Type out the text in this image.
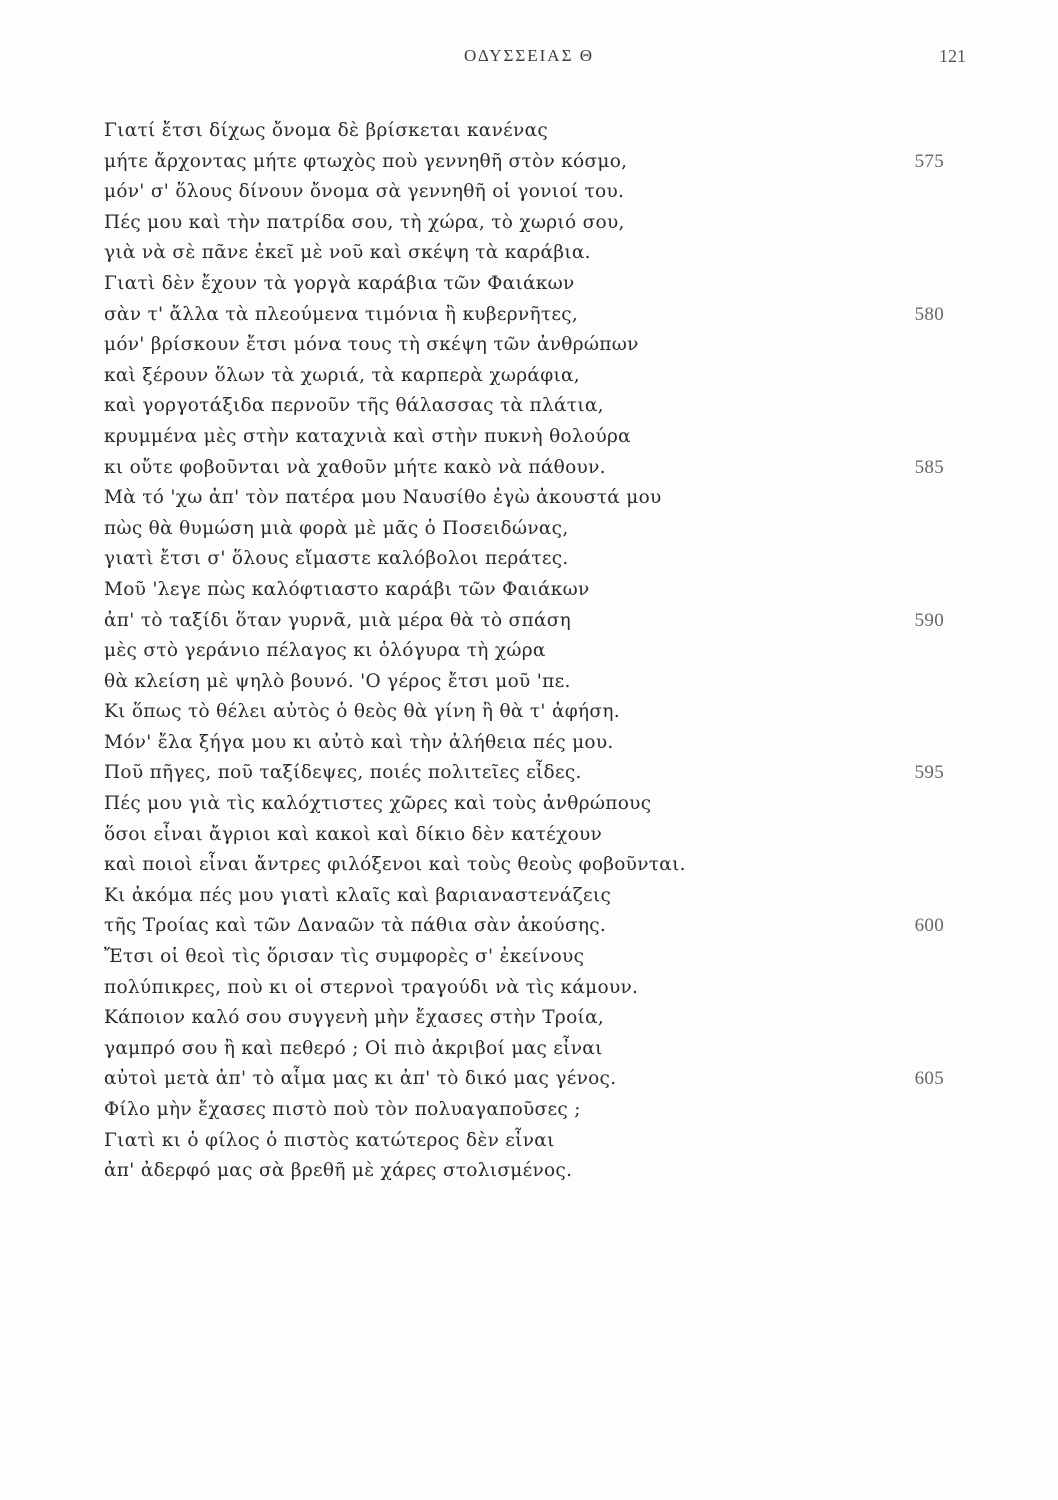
ΟΔΥΣΣΕΙΑΣ Θ	121
Γιατί ἔτσι δίχως ὄνομα δὲ βρίσκεται κανένας
μήτε ἄρχοντας μήτε φτωχὸς ποὺ γεννηθῆ στὸν κόσμο,	575
μόν' σ' ὅλους δίνουν ὄνομα σὰ γεννηθῆ οἱ γονιοί του.
Πές μου καὶ τὴν πατρίδα σου, τὴ χώρα, τὸ χωριό σου,
γιὰ νὰ σὲ πᾶνε ἐκεῖ μὲ νοῦ καὶ σκέψη τὰ καράβια.
Γιατὶ δὲν ἔχουν τὰ γοργὰ καράβια τῶν Φαιάκων
σὰν τ' ἄλλα τὰ πλεούμενα τιμόνια ἢ κυβερνῆτες,	580
μόν' βρίσκουν ἔτσι μόνα τους τὴ σκέψη τῶν ἀνθρώπων
καὶ ξέρουν ὅλων τὰ χωριά, τὰ καρπερὰ χωράφια,
καὶ γοργοτάξιδα περνοῦν τῆς θάλασσας τὰ πλάτια,
κρυμμένα μὲς στὴν καταχνιὰ καὶ στὴν πυκνὴ θολούρα
κι οὔτε φοβοῦνται νὰ χαθοῦν μήτε κακὸ νὰ πάθουν.	585
Μὰ τό 'χω ἀπ' τὸν πατέρα μου Ναυσίθο ἐγὼ ἀκουστά μου
πὼς θὰ θυμώση μιὰ φορὰ μὲ μᾶς ὁ Ποσειδώνας,
γιατὶ ἔτσι σ' ὅλους εἴμαστε καλόβολοι περάτες.
Μοῦ 'λεγε πὼς καλόφτιαστο καράβι τῶν Φαιάκων
ἀπ' τὸ ταξίδι ὅταν γυρνᾶ, μιὰ μέρα θὰ τὸ σπάση	590
μὲς στὸ γεράνιο πέλαγος κι ὁλόγυρα τὴ χώρα
θὰ κλείση μὲ ψηλὸ βουνό. 'Ο γέρος ἔτσι μοῦ 'πε.
Κι ὅπως τὸ θέλει αὐτὸς ὁ θεὸς θὰ γίνη ἢ θὰ τ' ἀφήση.
Μόν' ἔλα ξήγα μου κι αὐτὸ καὶ τὴν ἀλήθεια πές μου.
Ποῦ πῆγες, ποῦ ταξίδεψες, ποιές πολιτεῖες εἶδες.	595
Πές μου γιὰ τὶς καλόχτιστες χῶρες καὶ τοὺς ἀνθρώπους
ὅσοι εἶναι ἄγριοι καὶ κακοὶ καὶ δίκιο δὲν κατέχουν
καὶ ποιοὶ εἶναι ἄντρες φιλόξενοι καὶ τοὺς θεοὺς φοβοῦνται.
Κι ἀκόμα πές μου γιατὶ κλαῖς καὶ βαριαναστενάζεις
τῆς Τροίας καὶ τῶν Δαναῶν τὰ πάθια σὰν ἀκούσης.	600
Ἔτσι οἱ θεοὶ τὶς ὅρισαν τὶς συμφορὲς σ' ἐκείνους
πολύπικρες, ποὺ κι οἱ στερνοὶ τραγούδι νὰ τὶς κάμουν.
Κάποιον καλό σου συγγενὴ μὴν ἔχασες στὴν Τροία,
γαμπρό σου ἢ καὶ πεθερό ; Οἱ πιὸ ἀκριβοί μας εἶναι
αὐτοὶ μετὰ ἀπ' τὸ αἷμα μας κι ἀπ' τὸ δικό μας γένος.	605
Φίλο μὴν ἔχασες πιστὸ ποὺ τὸν πολυαγαποῦσες ;
Γιατὶ κι ὁ φίλος ὁ πιστὸς κατώτερος δὲν εἶναι
ἀπ' ἀδερφό μας σὰ βρεθῆ μὲ χάρες στολισμένος.
